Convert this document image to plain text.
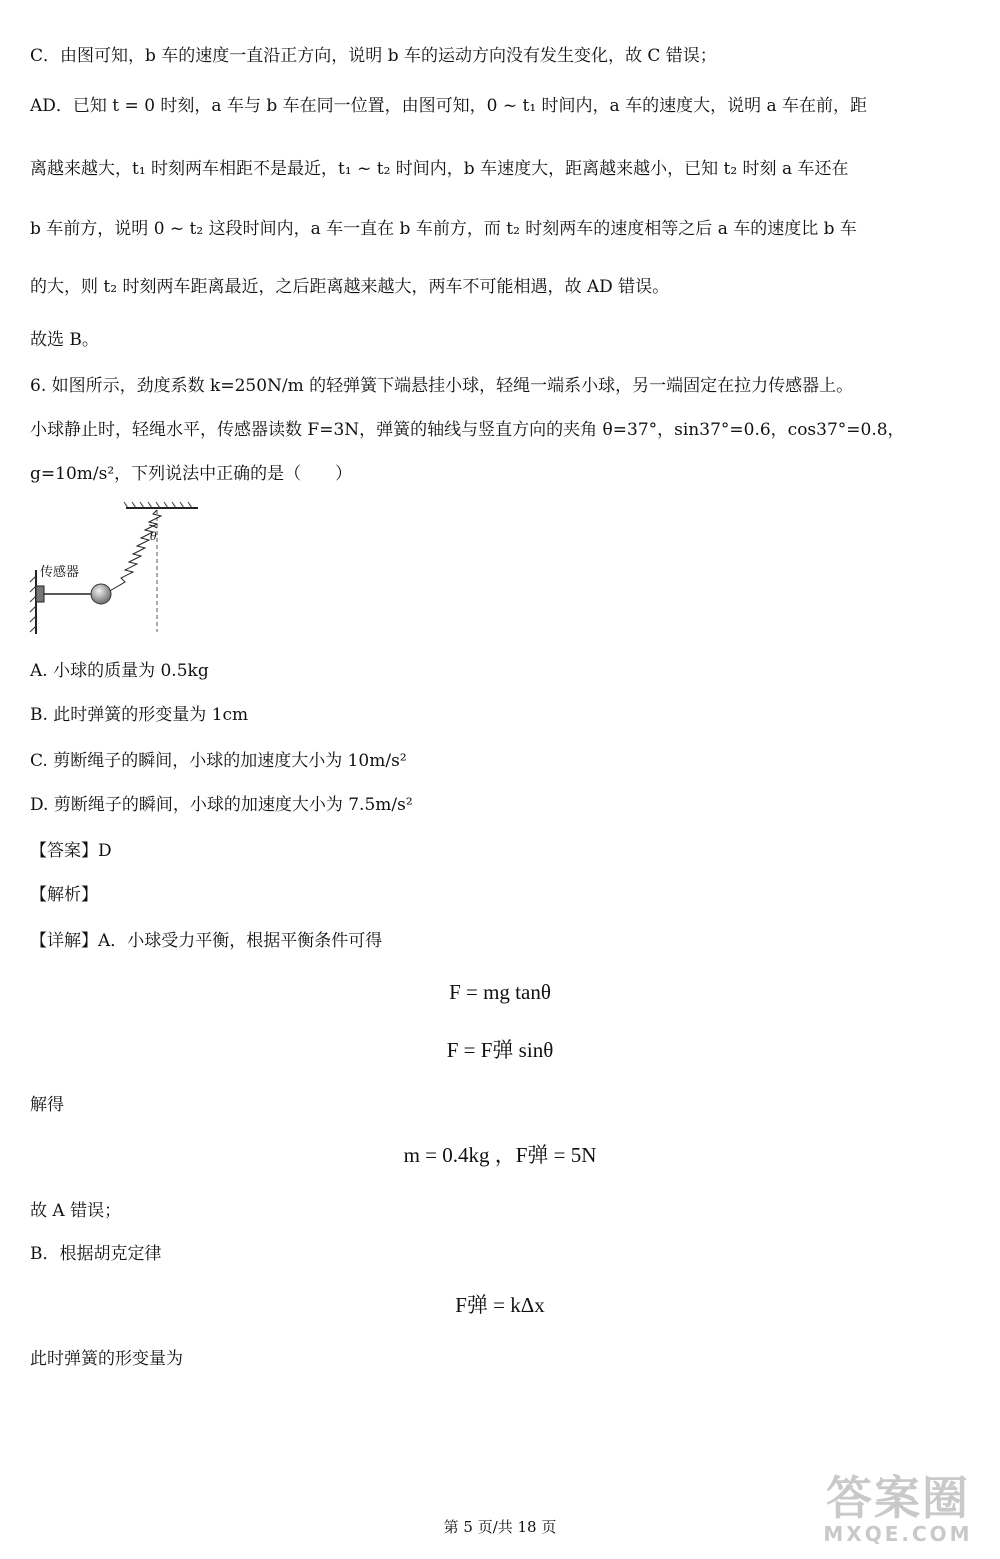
C．由图可知，b 车的速度一直沿正方向，说明 b 车的运动方向没有发生变化，故 C 错误；
AD．已知 t = 0 时刻，a 车与 b 车在同一位置，由图可知，0 ~ t₁ 时间内，a 车的速度大，说明 a 车在前，距
离越来越大，t₁ 时刻两车相距不是最近，t₁ ~ t₂ 时间内，b 车速度大，距离越来越小，已知 t₂ 时刻 a 车还在
b 车前方，说明 0 ~ t₂ 这段时间内，a 车一直在 b 车前方，而 t₂ 时刻两车的速度相等之后 a 车的速度比 b 车
的大，则 t₂ 时刻两车距离最近，之后距离越来越大，两车不可能相遇，故 AD 错误。
故选 B。
6. 如图所示，劲度系数 k=250N/m 的轻弹簧下端悬挂小球，轻绳一端系小球，另一端固定在拉力传感器上。
小球静止时，轻绳水平，传感器读数 F=3N，弹簧的轴线与竖直方向的夹角 θ=37°，sin37°=0.6，cos37°=0.8，
g=10m/s²，下列说法中正确的是（　　）
θ
传感器
A. 小球的质量为 0.5kg
B. 此时弹簧的形变量为 1cm
C. 剪断绳子的瞬间，小球的加速度大小为 10m/s²
D. 剪断绳子的瞬间，小球的加速度大小为 7.5m/s²
【答案】D
【解析】
【详解】A．小球受力平衡，根据平衡条件可得
F = mg tanθ
F = F弹 sinθ
解得
m = 0.4kg ，F弹 = 5N
故 A 错误；
B．根据胡克定律
F弹 = kΔx
此时弹簧的形变量为
第 5 页/共 18 页
答案圈
MXQE.COM
